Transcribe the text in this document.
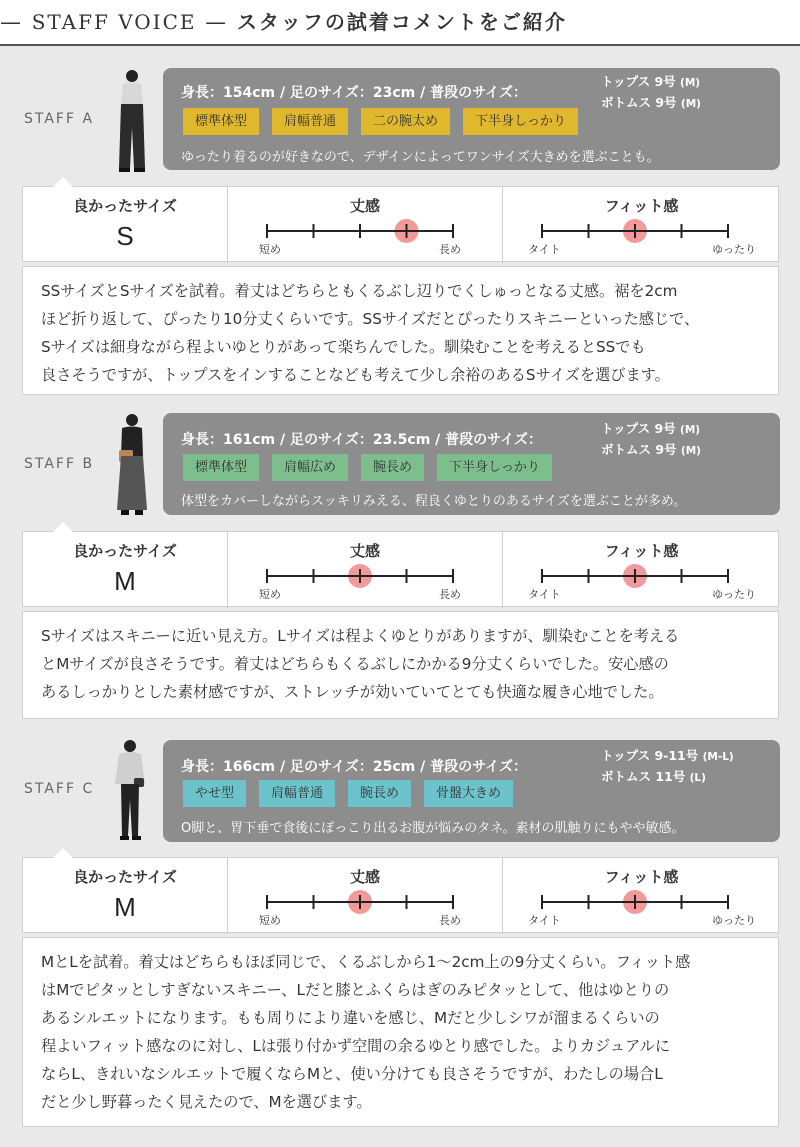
— STAFF VOICE — スタッフの試着コメントをご紹介
STAFF A
身長：154cm / 足のサイズ：23cm / 普段のサイズ：
トップス 9号 (M)
ボトムス 9号 (M)
標準体型	肩幅普通	二の腕太め	下半身しっかり
ゆったり着るのが好きなので、デザインによってワンサイズ大きめを選ぶことも。
良かったサイズ
S
丈感
短め	長め
フィット感
タイト	ゆったり
SSサイズとSサイズを試着。着丈はどちらともくるぶし辺りでくしゅっとなる丈感。裾を2cm
ほど折り返して、ぴったり10分丈くらいです。SSサイズだとぴったりスキニーといった感じで、
Sサイズは細身ながら程よいゆとりがあって楽ちんでした。馴染むことを考えるとSSでも
良さそうですが、トップスをインすることなども考えて少し余裕のあるSサイズを選びます。
STAFF B
身長：161cm / 足のサイズ：23.5cm / 普段のサイズ：
トップス 9号 (M)
ボトムス 9号 (M)
標準体型	肩幅広め	腕長め	下半身しっかり
体型をカバーしながらスッキリみえる、程良くゆとりのあるサイズを選ぶことが多め。
良かったサイズ
M
丈感
短め	長め
フィット感
タイト	ゆったり
Sサイズはスキニーに近い見え方。Lサイズは程よくゆとりがありますが、馴染むことを考える
とMサイズが良さそうです。着丈はどちらもくるぶしにかかる9分丈くらいでした。安心感の
あるしっかりとした素材感ですが、ストレッチが効いていてとても快適な履き心地でした。
STAFF C
身長：166cm / 足のサイズ：25cm / 普段のサイズ：
トップス 9-11号 (M-L)
ボトムス 11号 (L)
やせ型	肩幅普通	腕長め	骨盤大きめ
O脚と、胃下垂で食後にぽっこり出るお腹が悩みのタネ。素材の肌触りにもやや敏感。
良かったサイズ
M
丈感
短め	長め
フィット感
タイト	ゆったり
MとLを試着。着丈はどちらもほぼ同じで、くるぶしから1〜2cm上の9分丈くらい。フィット感
はMでピタッとしすぎないスキニー、Lだと膝とふくらはぎのみピタッとして、他はゆとりの
あるシルエットになります。もも周りにより違いを感じ、Mだと少しシワが溜まるくらいの
程よいフィット感なのに対し、Lは張り付かず空間の余るゆとり感でした。よりカジュアルに
ならL、きれいなシルエットで履くならMと、使い分けても良さそうですが、わたしの場合L
だと少し野暮ったく見えたので、Mを選びます。
